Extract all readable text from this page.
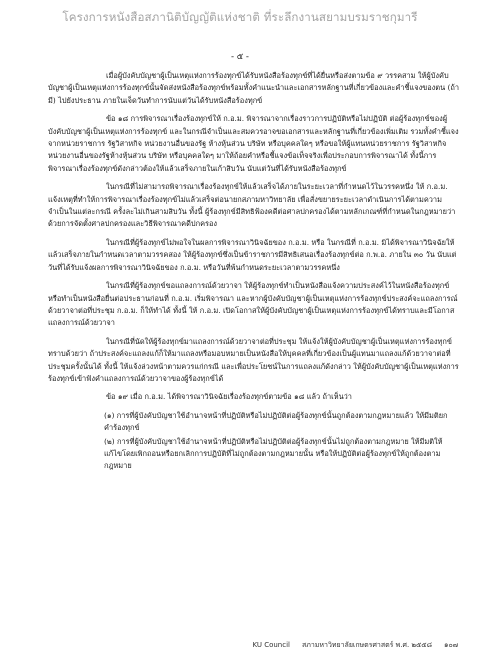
โครงการหนังสือสภานิติบัญญัติแห่งชาติ ที่ระลึกงานสยามบรมราชกุมารี
- ๕ -

เมื่อผู้บังคับบัญชาผู้เป็นเหตุแห่งการร้องทุกข์ได้รับหนังสือร้องทุกข์ที่ได้ยื่นหรือส่งตามข้อ ๙ วรรคสาม ให้ผู้บังคับบัญชาผู้เป็นเหตุแห่งการร้องทุกข์นั้นจัดส่งหนังสือร้องทุกข์พร้อมทั้งคำแนะนำและเอกสารหลักฐานที่เกี่ยวข้องและคำชี้แจงของตน (ถ้ามี) ไปยังประธาน ภายในเจ็ดวันทำการนับแต่วันได้รับหนังสือร้องทุกข์

ข้อ ๑๘ การพิจารณาเรื่องร้องทุกข์ให้ ก.อ.ม. พิจารณาจากเรื่องราวการปฏิบัติหรือไม่ปฏิบัติ ต่อผู้ร้องทุกข์ของผู้บังคับบัญชาผู้เป็นเหตุแห่งการร้องทุกข์ และในกรณีจำเป็นและสมควรอาจขอเอกสารและหลักฐานที่เกี่ยวข้องเพิ่มเติม รวมทั้งคำชี้แจงจากหน่วยราชการ รัฐวิสาหกิจ หน่วยงานอื่นของรัฐ ห้างหุ้นส่วน บริษัท หรือบุคคลใดๆ หรือขอให้ผู้แทนหน่วยราชการ รัฐวิสาหกิจ หน่วยงานอื่นของรัฐห้างหุ้นส่วน บริษัท หรือบุคคลใดๆ มาให้ถ้อยคำหรือชี้แจงข้อเท็จจริงเพื่อประกอบการพิจารณาได้ ทั้งนี้การพิจารณาเรื่องร้องทุกข์ดังกล่าวต้องให้แล้วเสร็จภายในเก้าสิบวัน นับแต่วันที่ได้รับหนังสือร้องทุกข์

ในกรณีที่ไม่สามารถพิจารณาเรื่องร้องทุกข์ให้แล้วเสร็จได้ภายในระยะเวลาที่กำหนดไว้ในวรรคหนึ่ง ให้ ก.อ.ม. แจ้งเหตุที่ทำให้การพิจารณาเรื่องร้องทุกข์ไม่แล้วเสร็จต่อนายกสภามหาวิทยาลัย เพื่อสั่งขยายระยะเวลาดำเนินการได้ตามความจำเป็นในแต่ละกรณี ครั้งละไม่เกินสามสิบวัน ทั้งนี้ ผู้ร้องทุกข์มีสิทธิฟ้องคดีต่อศาลปกครองได้ตามหลักเกณฑ์ที่กำหนดในกฎหมายว่าด้วยการจัดตั้งศาลปกครองและวิธีพิจารณาคดีปกครอง

ในกรณีที่ผู้ร้องทุกข์ไม่พอใจในผลการพิจารณาวินิจฉัยของ ก.อ.ม. หรือ ในกรณีที่ ก.อ.ม. มิได้พิจารณาวินิจฉัยให้แล้วเสร็จภายในกำหนดเวลาตามวรรคสอง ให้ผู้ร้องทุกข์ซึ่งเป็นข้าราชการมีสิทธิเสนอเรื่องร้องทุกข์ต่อ ก.พ.อ. ภายใน ๓๐ วัน นับแต่วันที่ได้รับแจ้งผลการพิจารณาวินิจฉัยของ ก.อ.ม. หรือวันที่พ้นกำหนดระยะเวลาตามวรรคหนึ่ง

ในกรณีที่ผู้ร้องทุกข์ขอแถลงการณ์ด้วยวาจา ให้ผู้ร้องทุกข์ทำเป็นหนังสือแจ้งความประสงค์ไว้ในหนังสือร้องทุกข์ หรือทำเป็นหนังสือยื่นต่อประธานก่อนที่ ก.อ.ม. เริ่มพิจารณา และหากผู้บังคับบัญชาผู้เป็นเหตุแห่งการร้องทุกข์ประสงค์จะแถลงการณ์ด้วยวาจาต่อที่ประชุม ก.อ.ม. ก็ให้ทำได้ ทั้งนี้ ให้ ก.อ.ม. เปิดโอกาสให้ผู้บังคับบัญชาผู้เป็นเหตุแห่งการร้องทุกข์ได้ทราบและมีโอกาสแถลงการณ์ด้วยวาจา

ในกรณีที่นัดให้ผู้ร้องทุกข์มาแถลงการณ์ด้วยวาจาต่อที่ประชุม ให้แจ้งให้ผู้บังคับบัญชาผู้เป็นเหตุแห่งการร้องทุกข์ทราบด้วยว่า ถ้าประสงค์จะแถลงแก้ก็ให้มาแถลงหรือมอบหมายเป็นหนังสือให้บุคคลที่เกี่ยวข้องเป็นผู้แทนมาแถลงแก้ด้วยวาจาต่อที่ประชุมครั้งนั้นได้ ทั้งนี้ ให้แจ้งล่วงหน้าตามควรแก่กรณี และเพื่อประโยชน์ในการแถลงแก้ดังกล่าว ให้ผู้บังคับบัญชาผู้เป็นเหตุแห่งการร้องทุกข์เข้าฟังคำแถลงการณ์ด้วยวาจาของผู้ร้องทุกข์ได้

ข้อ ๑๙ เมื่อ ก.อ.ม. ได้พิจารณาวินิจฉัยเรื่องร้องทุกข์ตามข้อ ๑๘ แล้ว ถ้าเห็นว่า

(๑) การที่ผู้บังคับบัญชาใช้อำนาจหน้าที่ปฏิบัติหรือไม่ปฏิบัติต่อผู้ร้องทุกข์นั้นถูกต้องตามกฎหมายแล้ว ให้มีมติยกคำร้องทุกข์

(๒) การที่ผู้บังคับบัญชาใช้อำนาจหน้าที่ปฏิบัติหรือไม่ปฏิบัติต่อผู้ร้องทุกข์นั้นไม่ถูกต้องตามกฎหมาย ให้มีมติให้แก้ไขโดยเพิกถอนหรือยกเลิกการปฏิบัติที่ไม่ถูกต้องตามกฎหมายนั้น หรือให้ปฏิบัติต่อผู้ร้องทุกข์ให้ถูกต้องตามกฎหมาย

KU Council สภามหาวิทยาลัยเกษตรศาสตร์ พ.ศ. ๒๕๕๘ ๑๐๗
